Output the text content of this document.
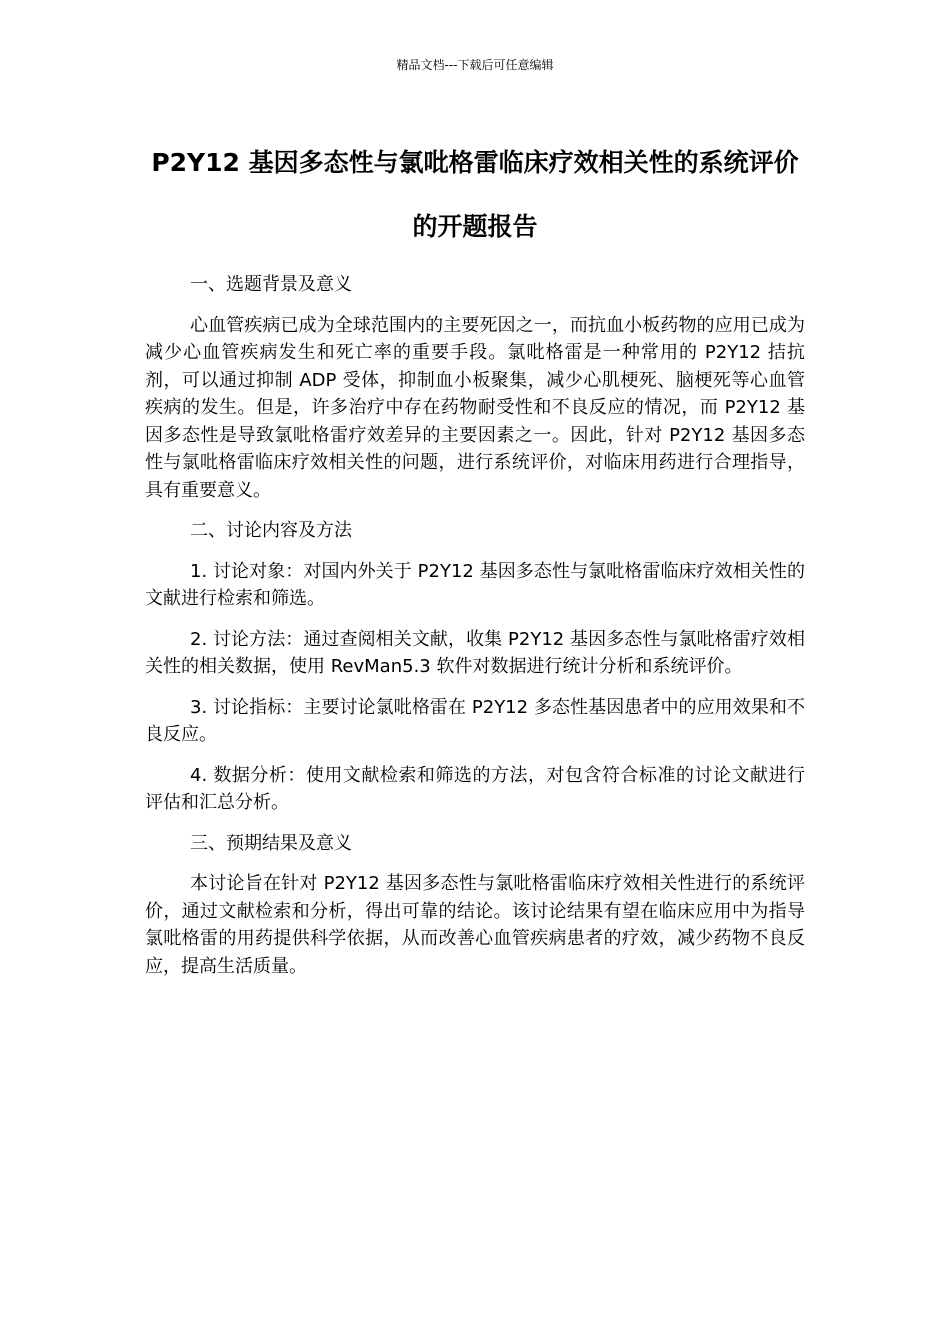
精品文档---下载后可任意编辑
P2Y12 基因多态性与氯吡格雷临床疗效相关性的系统评价的开题报告

一、选题背景及意义

心血管疾病已成为全球范围内的主要死因之一，而抗血小板药物的应用已成为减少心血管疾病发生和死亡率的重要手段。氯吡格雷是一种常用的 P2Y12 拮抗剂，可以通过抑制 ADP 受体，抑制血小板聚集，减少心肌梗死、脑梗死等心血管疾病的发生。但是，许多治疗中存在药物耐受性和不良反应的情况，而 P2Y12 基因多态性是导致氯吡格雷疗效差异的主要因素之一。因此，针对 P2Y12 基因多态性与氯吡格雷临床疗效相关性的问题，进行系统评价，对临床用药进行合理指导，具有重要意义。

二、讨论内容及方法

1. 讨论对象：对国内外关于 P2Y12 基因多态性与氯吡格雷临床疗效相关性的文献进行检索和筛选。

2. 讨论方法：通过查阅相关文献，收集 P2Y12 基因多态性与氯吡格雷疗效相关性的相关数据，使用 RevMan5.3 软件对数据进行统计分析和系统评价。

3. 讨论指标：主要讨论氯吡格雷在 P2Y12 多态性基因患者中的应用效果和不良反应。

4. 数据分析：使用文献检索和筛选的方法，对包含符合标准的讨论文献进行评估和汇总分析。

三、预期结果及意义

本讨论旨在针对 P2Y12 基因多态性与氯吡格雷临床疗效相关性进行的系统评价，通过文献检索和分析，得出可靠的结论。该讨论结果有望在临床应用中为指导氯吡格雷的用药提供科学依据，从而改善心血管疾病患者的疗效，减少药物不良反应，提高生活质量。
